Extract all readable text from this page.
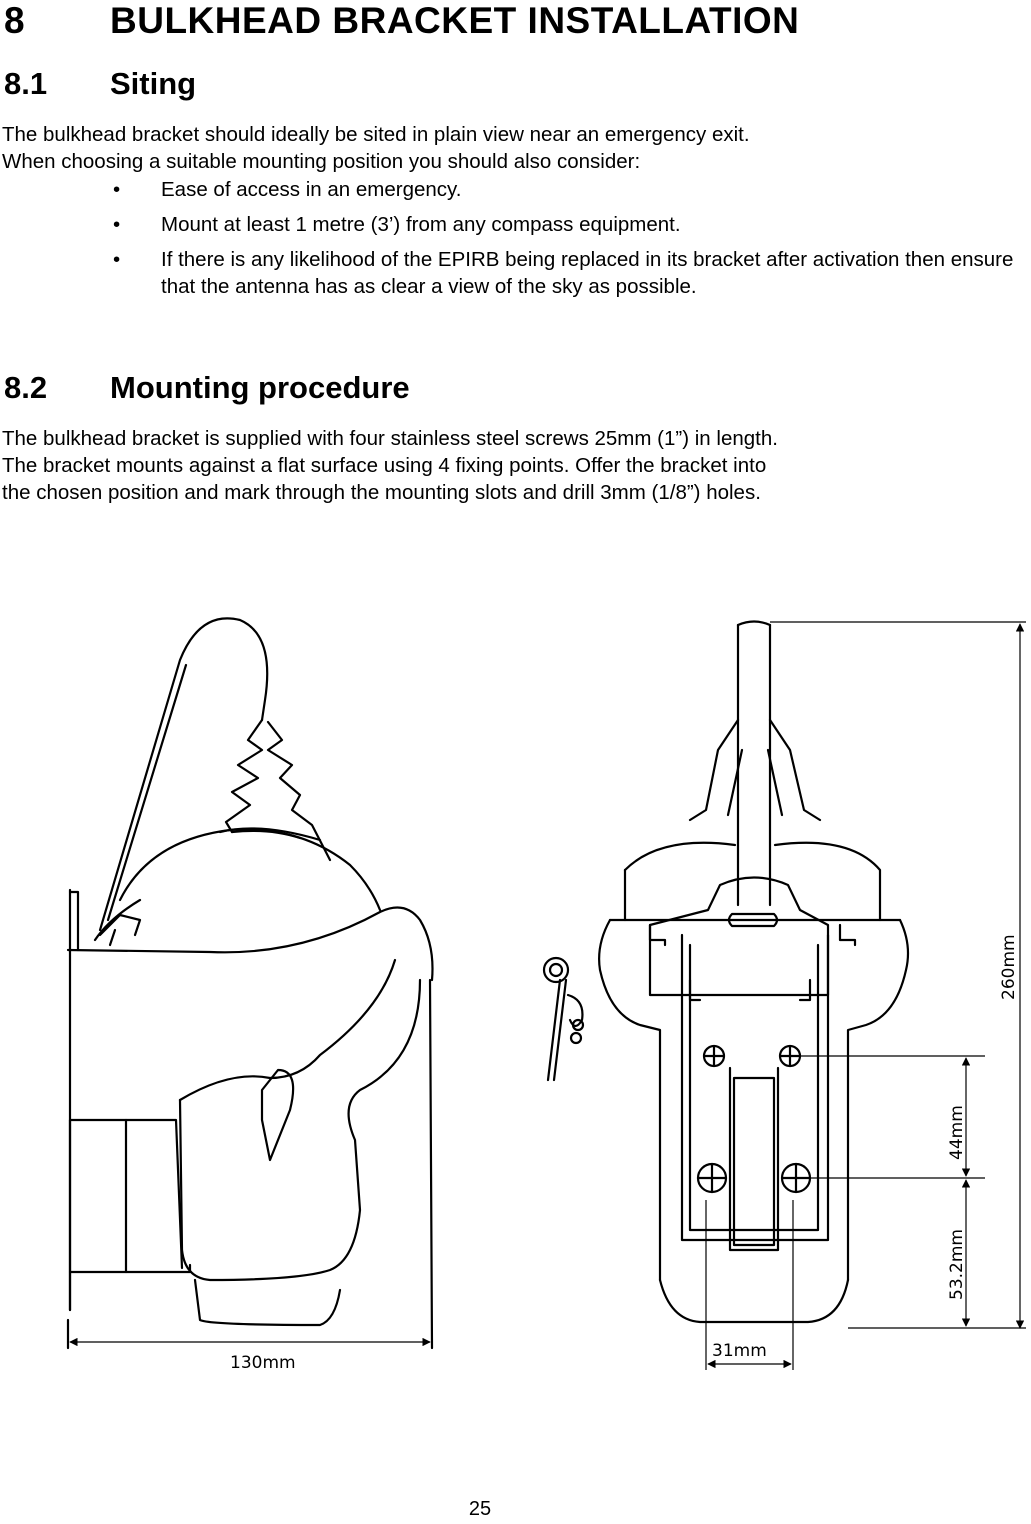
8 BULKHEAD BRACKET INSTALLATION
8.1 Siting

The bulkhead bracket should ideally be sited in plain view near an emergency exit.

When choosing a suitable mounting position you should also consider:

• Ease of access in an emergency.
• Mount at least 1 metre (3’) from any compass equipment.
• If there is any likelihood of the EPIRB being replaced in its bracket after activation then ensure that the antenna has as clear a view of the sky as possible.
8.2 Mounting procedure

The bulkhead bracket is supplied with four stainless steel screws 25mm (1”) in length.

The bracket mounts against a flat surface using 4 fixing points. Offer the bracket into

the chosen position and mark through the mounting slots and drill 3mm (1/8”) holes.

130mm
31mm
260mm
44mm
53.2mm
25
